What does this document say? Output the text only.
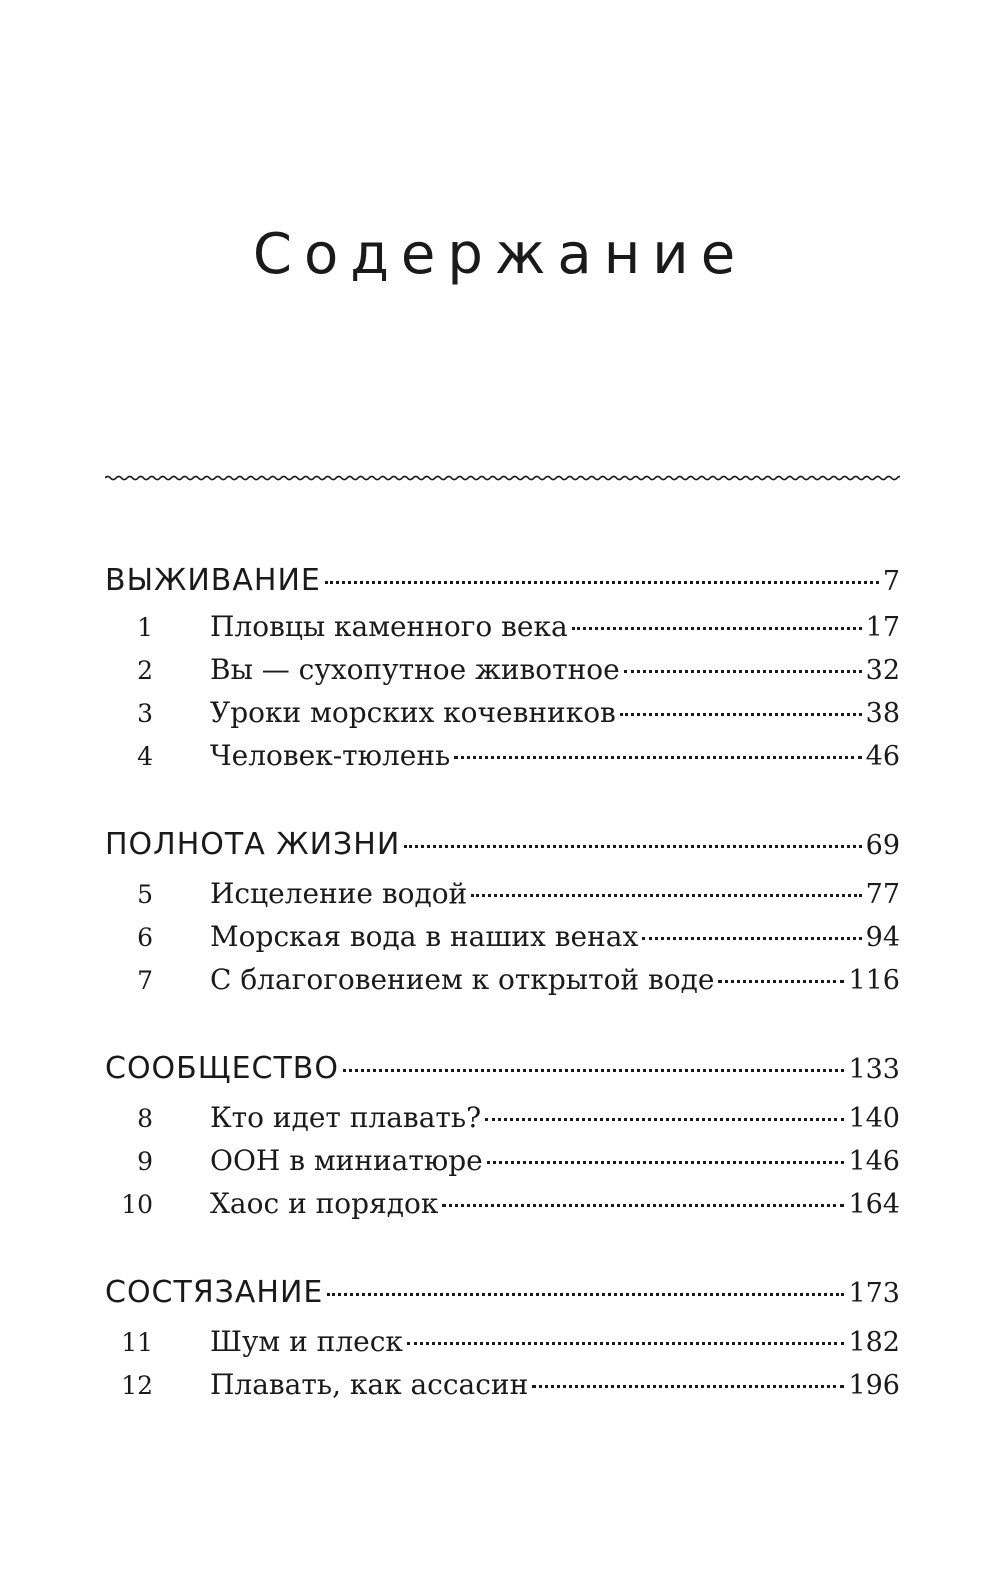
Содержание
ВЫЖИВАНИЕ	7
1	Пловцы каменного века	17
2	Вы — сухопутное животное	32
3	Уроки морских кочевников	38
4	Человек-тюлень	46
ПОЛНОТА ЖИЗНИ	69
5	Исцеление водой	77
6	Морская вода в наших венах	94
7	С благоговением к открытой воде	116
СООБЩЕСТВО	133
8	Кто идет плавать?	140
9	ООН в миниатюре	146
10	Хаос и порядок	164
СОСТЯЗАНИЕ	173
11	Шум и плеск	182
12	Плавать, как ассасин	196
